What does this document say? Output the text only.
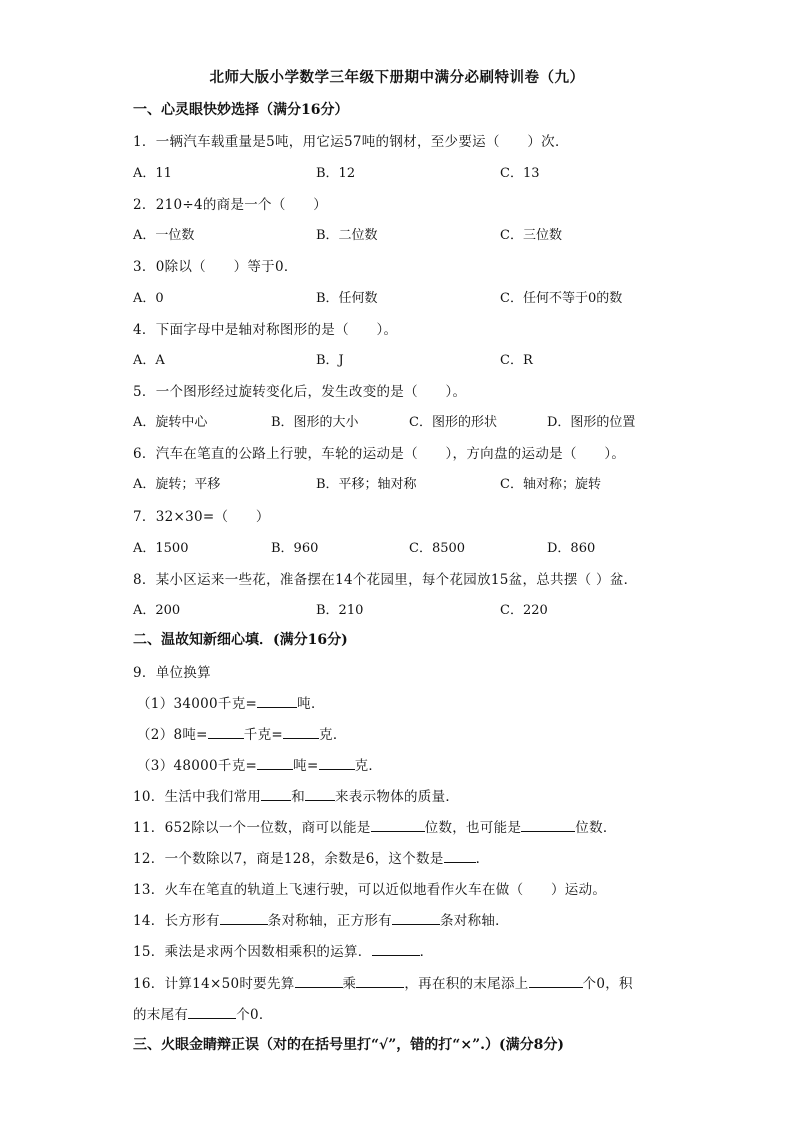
北师大版小学数学三年级下册期中满分必刷特训卷（九）
一、心灵眼快妙选择（满分16分）
1．一辆汽车载重量是5吨，用它运57吨的钢材，至少要运（　　）次．
A．11	B．12	C．13
2．210÷4的商是一个（　　）
A．一位数	B．二位数	C．三位数
3．0除以（　　）等于0．
A．0	B．任何数	C．任何不等于0的数
4．下面字母中是轴对称图形的是（　　）。
A．A	B．J	C．R
5．一个图形经过旋转变化后，发生改变的是（　　）。
A．旋转中心	B．图形的大小	C．图形的形状	D．图形的位置
6．汽车在笔直的公路上行驶，车轮的运动是（　　），方向盘的运动是（　　）。
A．旋转；平移	B．平移；轴对称	C．轴对称；旋转
7．32×30=（　　）
A．1500	B．960	C．8500	D．860
8．某小区运来一些花，准备摆在14个花园里，每个花园放15盆，总共摆（ ）盆．
A．200	B．210	C．220
二、温故知新细心填．(满分16分)
9．单位换算
（1）34000千克=	吨．
（2）8吨=	千克=	克．
（3）48000千克=	吨=	克．
10．生活中我们常用 和 来表示物体的质量．
11．652除以一个一位数，商可以能是	位数，也可能是	位数．
12．一个数除以7，商是128，余数是6，这个数是 ．
13．火车在笔直的轨道上飞速行驶，可以近似地看作火车在做（　　）运动。
14．长方形有	条对称轴，正方形有	条对称轴．
15．乘法是求两个因数相乘积的运算．	．
16．计算14×50时要先算	乘	，再在积的末尾添上	个0，积
的末尾有	个0．
三、火眼金睛辩正误（对的在括号里打“√”，错的打“×”.）(满分8分)
